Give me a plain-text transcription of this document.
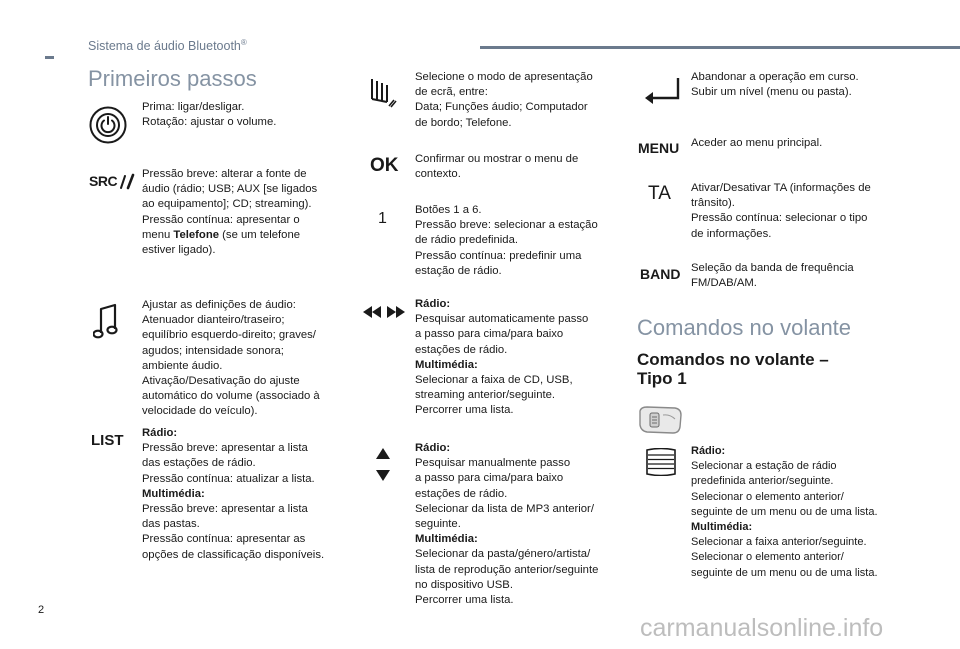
Sistema de áudio Bluetooth®
Primeiros passos
Prima: ligar/desligar.
Rotação: ajustar o volume.
SRC Pressão breve: alterar a fonte de
áudio (rádio; USB; AUX [se ligados
ao equipamento]; CD; streaming).
Pressão contínua: apresentar o
menu Telefone (se um telefone
estiver ligado).
Ajustar as definições de áudio:
Atenuador dianteiro/traseiro;
equilíbrio esquerdo-direito; graves/
agudos; intensidade sonora;
ambiente áudio.
Ativação/Desativação do ajuste
automático do volume (associado à
velocidade do veículo).
LIST Rádio:
Pressão breve: apresentar a lista
das estações de rádio.
Pressão contínua: atualizar a lista.
Multimédia:
Pressão breve: apresentar a lista
das pastas.
Pressão contínua: apresentar as
opções de classificação disponíveis.
Selecione o modo de apresentação
de ecrã, entre:
Data; Funções áudio; Computador
de bordo; Telefone.
OK Confirmar ou mostrar o menu de
contexto.
1 Botões 1 a 6.
Pressão breve: selecionar a estação
de rádio predefinida.
Pressão contínua: predefinir uma
estação de rádio.
Rádio:
Pesquisar automaticamente passo
a passo para cima/para baixo
estações de rádio.
Multimédia:
Selecionar a faixa de CD, USB,
streaming anterior/seguinte.
Percorrer uma lista.
Rádio:
Pesquisar manualmente passo
a passo para cima/para baixo
estações de rádio.
Selecionar da lista de MP3 anterior/
seguinte.
Multimédia:
Selecionar da pasta/género/artista/
lista de reprodução anterior/seguinte
no dispositivo USB.
Percorrer uma lista.
Abandonar a operação em curso.
Subir um nível (menu ou pasta).
MENU Aceder ao menu principal.
TA Ativar/Desativar TA (informações de
trânsito).
Pressão contínua: selecionar o tipo
de informações.
BAND Seleção da banda de frequência
FM/DAB/AM.
Comandos no volante
Comandos no volante –
Tipo 1
Rádio:
Selecionar a estação de rádio
predefinida anterior/seguinte.
Selecionar o elemento anterior/
seguinte de um menu ou de uma lista.
Multimédia:
Selecionar a faixa anterior/seguinte.
Selecionar o elemento anterior/
seguinte de um menu ou de uma lista.
2
carmanualsonline.info
